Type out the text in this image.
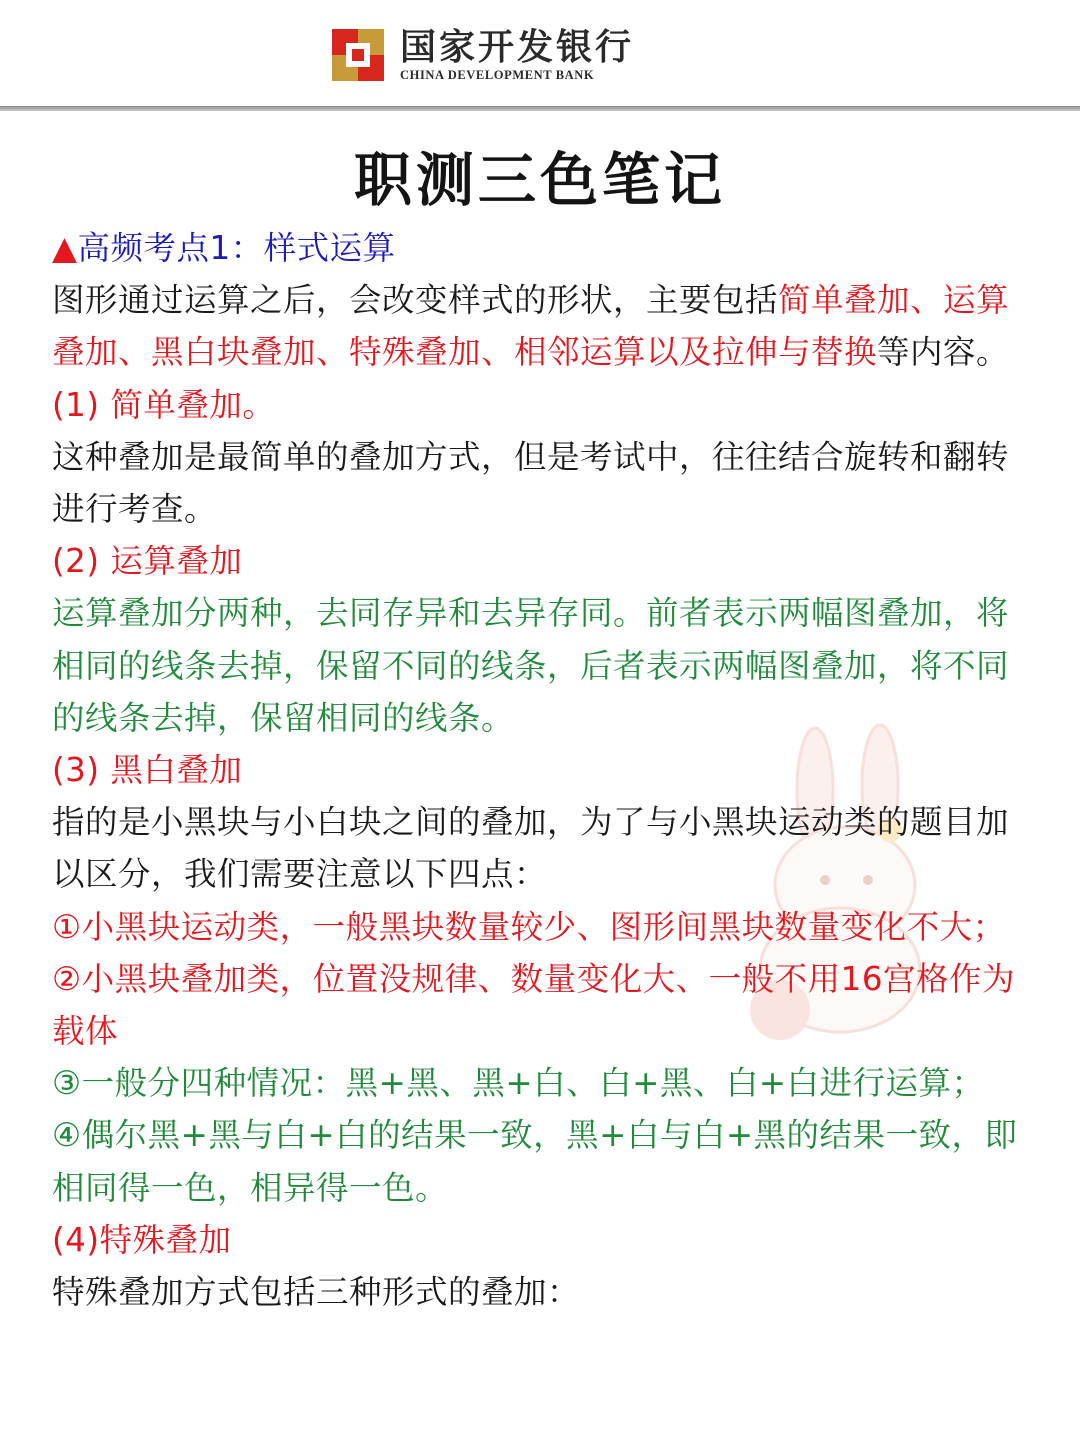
国家开发银行
CHINA DEVELOPMENT BANK
职测三色笔记

▲高频考点1：样式运算

图形通过运算之后，会改变样式的形状，主要包括简单叠加、运算叠加、黑白块叠加、特殊叠加、相邻运算以及拉伸与替换等内容。

(1) 简单叠加。

这种叠加是最简单的叠加方式，但是考试中，往往结合旋转和翻转进行考查。

(2) 运算叠加

运算叠加分两种，去同存异和去异存同。前者表示两幅图叠加，将相同的线条去掉，保留不同的线条，后者表示两幅图叠加，将不同的线条去掉，保留相同的线条。

(3) 黑白叠加

指的是小黑块与小白块之间的叠加，为了与小黑块运动类的题目加以区分，我们需要注意以下四点：

①小黑块运动类，一般黑块数量较少、图形间黑块数量变化不大；

②小黑块叠加类，位置没规律、数量变化大、一般不用16宫格作为载体

③一般分四种情况：黑+黑、黑+白、白+黑、白+白进行运算；

④偶尔黑+黑与白+白的结果一致，黑+白与白+黑的结果一致，即相同得一色，相异得一色。

(4)特殊叠加

特殊叠加方式包括三种形式的叠加：
